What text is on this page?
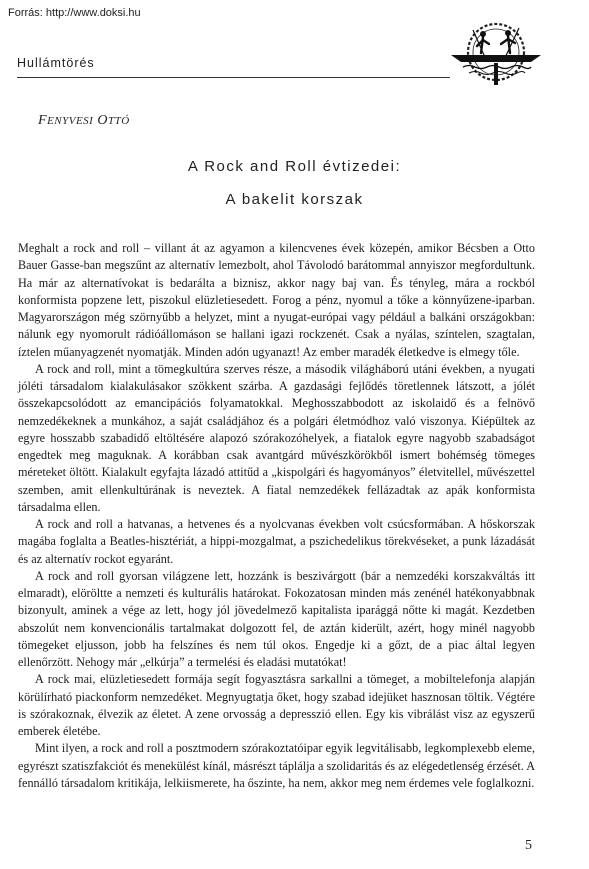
Forrás: http://www.doksi.hu
Hullámtörés
FENYVESI OTTÓ
A Rock and Roll évtizedei:
A bakelit korszak

Meghalt a rock and roll – villant át az agyamon a kilencvenes évek közepén, amikor Bécsben a Otto Bauer Gasse-ban megszűnt az alternatív lemezbolt, ahol Távolodó barátommal annyiszor megfordultunk. Ha már az alternatívokat is bedarálta a biznisz, akkor nagy baj van. És tényleg, mára a rockból konformista popzene lett, piszokul elüzletiesedett. Forog a pénz, nyomul a tőke a könnyűzene-iparban. Magyarországon még szörnyűbb a helyzet, mint a nyugat-európai vagy például a balkáni országokban: nálunk egy nyomorult rádióállomáson se hallani igazi rockzenét. Csak a nyálas, színtelen, szagtalan, íztelen műanyagzenét nyomatják. Minden adón ugyanazt! Az ember maradék életkedve is elmegy tőle.

A rock and roll, mint a tömegkultúra szerves része, a második világháború utáni években, a nyugati jóléti társadalom kialakulásakor szökkent szárba. A gazdasági fejlődés töretlennek látszott, a jólét összekapcsolódott az emancipációs folyamatokkal. Meghosszabbodott az iskolaidő és a felnövő nemzedékeknek a munkához, a saját családjához és a polgári életmódhoz való viszonya. Kiépültek az egyre hosszabb szabadidő eltöltésére alapozó szórakozóhelyek, a fiatalok egyre nagyobb szabadságot engedtek meg maguknak. A korábban csak avantgárd művészkörökből ismert bohémség tömeges méreteket öltött. Kialakult egyfajta lázadó attitűd a „kispolgári és hagyományos” életvitellel, művészettel szemben, amit ellenkultúrának is neveztek. A fiatal nemzedékek fellázadtak az apák konformista társadalma ellen.

A rock and roll a hatvanas, a hetvenes és a nyolcvanas években volt csúcsformában. A hőskorszak magába foglalta a Beatles-hisztériát, a hippi-mozgalmat, a pszichedelikus törekvéseket, a punk lázadását és az alternatív rockot egyaránt.

A rock and roll gyorsan világzene lett, hozzánk is beszivárgott (bár a nemzedéki korszakváltás itt elmaradt), elöröltte a nemzeti és kulturális határokat. Fokozatosan minden más zenénél hatékonyabbnak bizonyult, aminek a vége az lett, hogy jól jövedelmező kapitalista iparággá nőtte ki magát. Kezdetben abszolút nem konvencionális tartalmakat dolgozott fel, de aztán kiderült, azért, hogy minél nagyobb tömegeket eljusson, jobb ha felszínes és nem túl okos. Engedje ki a gőzt, de a piac által legyen ellenőrzött. Nehogy már „elkúrja” a termelési és eladási mutatókat!

A rock mai, elüzletiesedett formája segít fogyasztásra sarkallni a tömeget, a mobiltelefonja alapján körülírható piackonform nemzedéket. Megnyugtatja őket, hogy szabad idejüket hasznosan töltik. Végtére is szórakoznak, élvezik az életet. A zene orvosság a depresszió ellen. Egy kis vibrálást visz az egyszerű emberek életébe.

Mint ilyen, a rock and roll a posztmodern szórakoztatóipar egyik legvitálisabb, legkomplexebb eleme, egyrészt szatiszfakciót és menekülést kínál, másrészt táplálja a szolidaritás és az elégedetlenség érzését. A fennálló társadalom kritikája, lelkiismerete, ha őszinte, ha nem, akkor meg nem érdemes vele foglalkozni.

5
